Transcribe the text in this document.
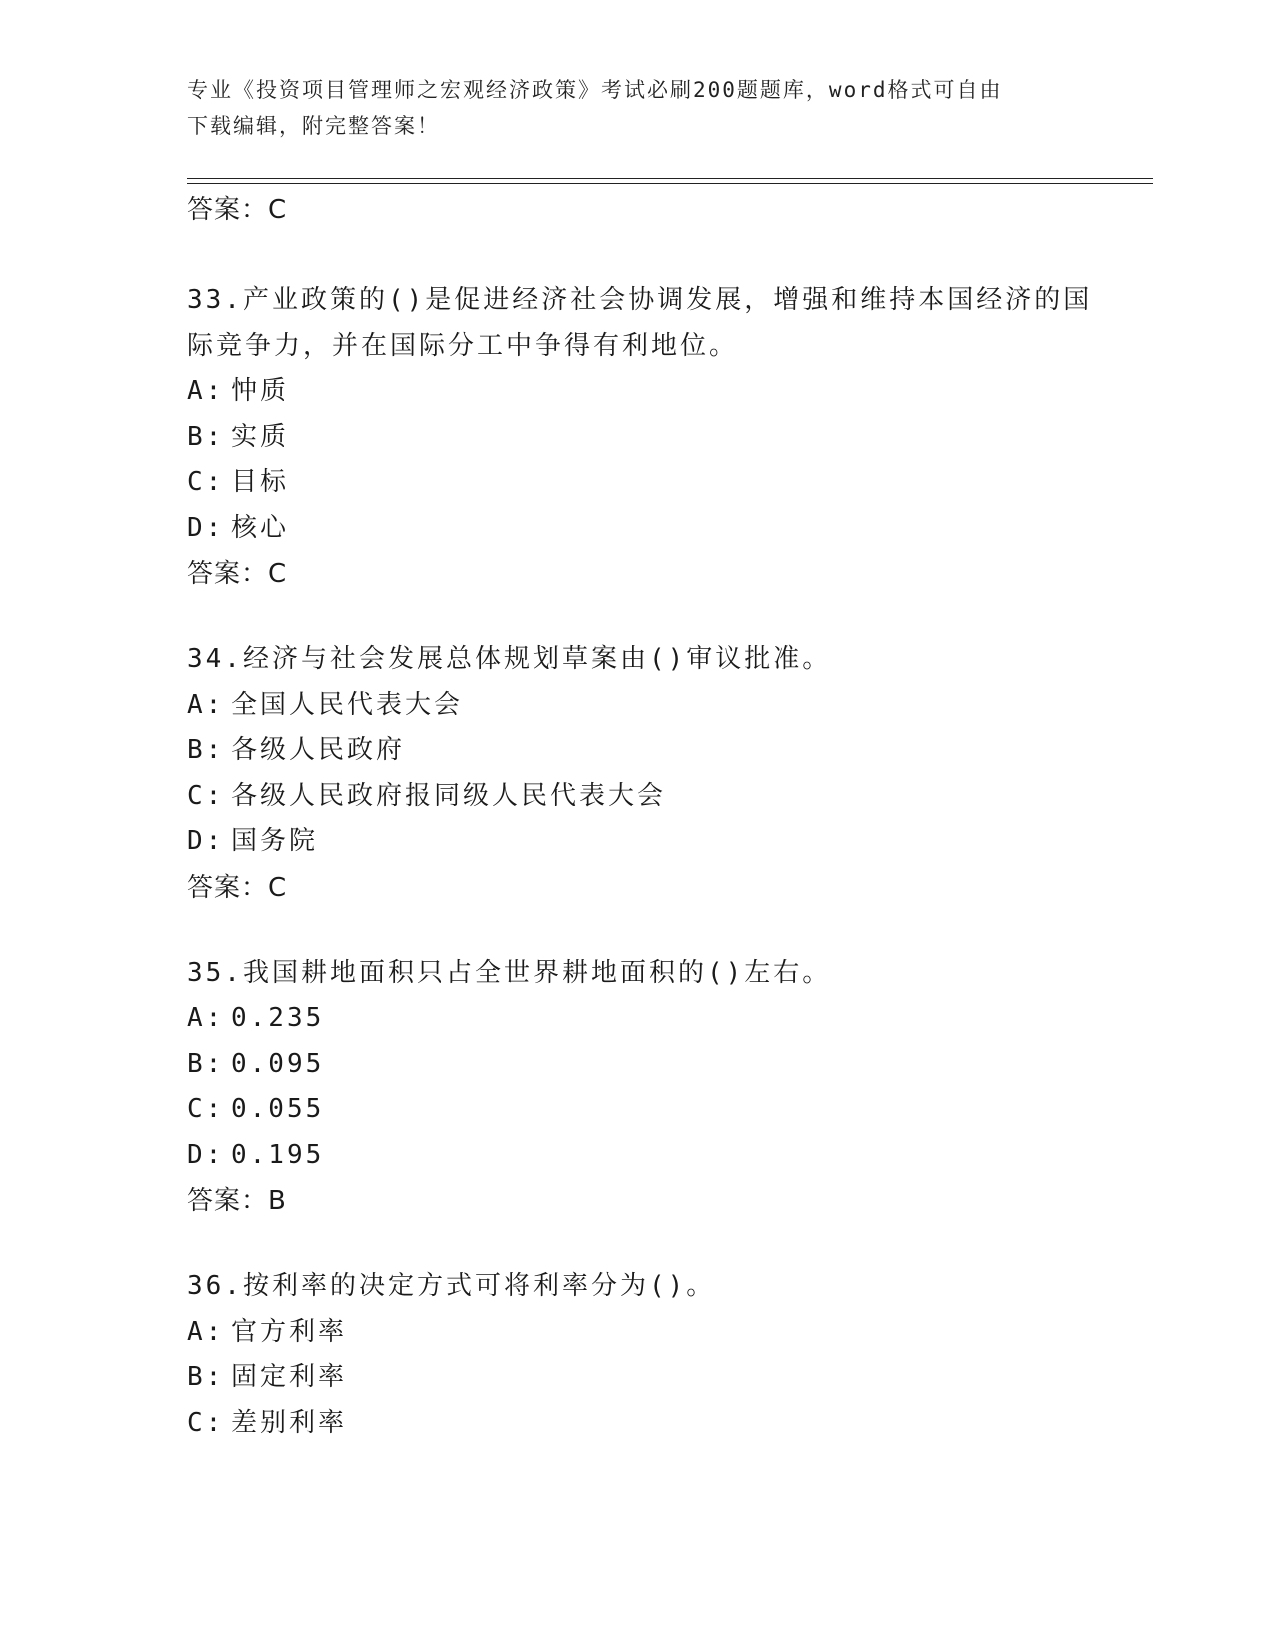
专业《投资项目管理师之宏观经济政策》考试必刷200题题库，word格式可自由

下载编辑，附完整答案！

答案：C
33.产业政策的()是促进经济社会协调发展，增强和维持本国经济的国
际竞争力，并在国际分工中争得有利地位。
A: 忡质
B: 实质
C: 目标
D: 核心
答案：C
34.经济与社会发展总体规划草案由()审议批准。
A: 全国人民代表大会
B: 各级人民政府
C: 各级人民政府报同级人民代表大会
D: 国务院
答案：C
35.我国耕地面积只占全世界耕地面积的()左右。
A: 0.235
B: 0.095
C: 0.055
D: 0.195
答案：B
36.按利率的决定方式可将利率分为()。
A: 官方利率
B: 固定利率
C: 差别利率
